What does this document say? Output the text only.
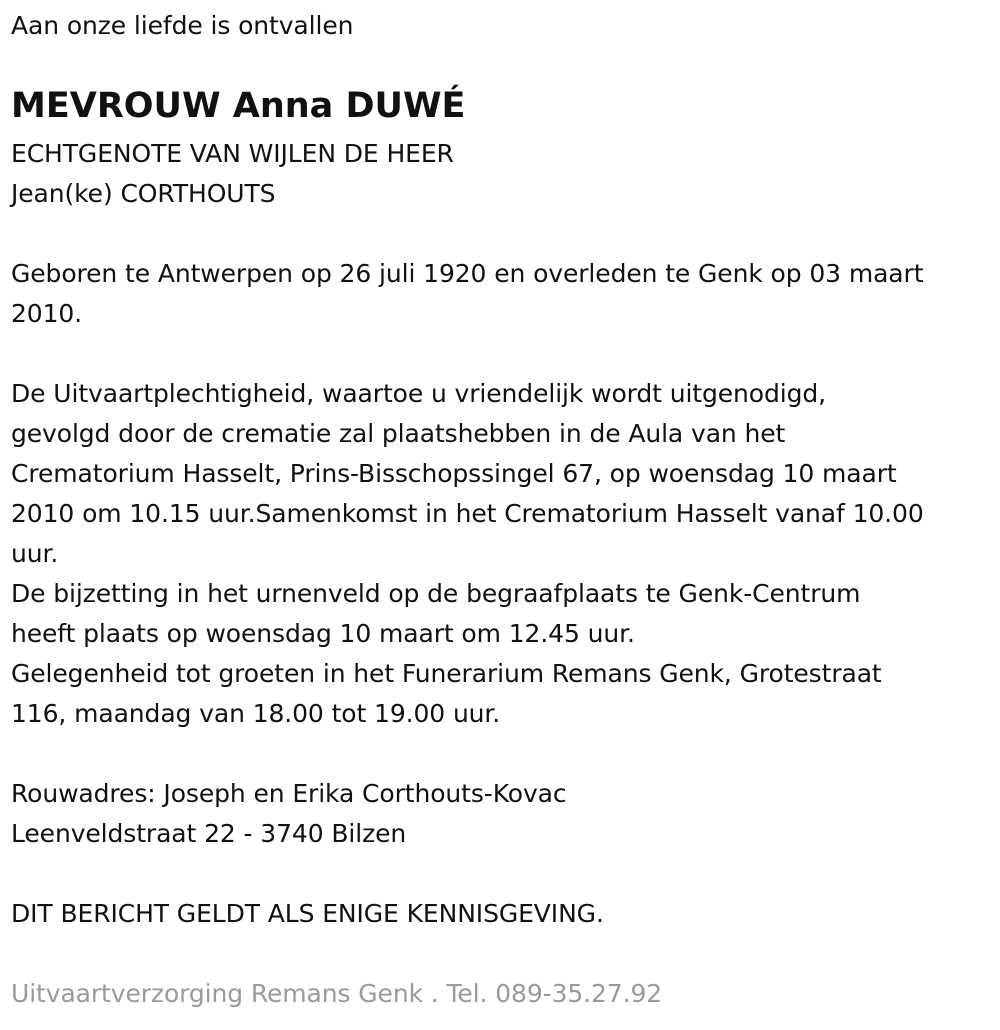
Aan onze liefde is ontvallen
MEVROUW Anna DUWÉ
ECHTGENOTE VAN WIJLEN DE HEER
Jean(ke) CORTHOUTS
Geboren te Antwerpen op 26 juli 1920 en overleden te Genk op 03 maart
2010.
De Uitvaartplechtigheid, waartoe u vriendelijk wordt uitgenodigd,
gevolgd door de crematie zal plaatshebben in de Aula van het
Crematorium Hasselt, Prins-Bisschopssingel 67, op woensdag 10 maart
2010 om 10.15 uur.Samenkomst in het Crematorium Hasselt vanaf 10.00
uur.
De bijzetting in het urnenveld op de begraafplaats te Genk-Centrum
heeft plaats op woensdag 10 maart om 12.45 uur.
Gelegenheid tot groeten in het Funerarium Remans Genk, Grotestraat
116, maandag van 18.00 tot 19.00 uur.
Rouwadres: Joseph en Erika Corthouts-Kovac
Leenveldstraat 22 - 3740 Bilzen
DIT BERICHT GELDT ALS ENIGE KENNISGEVING.
Uitvaartverzorging Remans Genk . Tel. 089-35.27.92
